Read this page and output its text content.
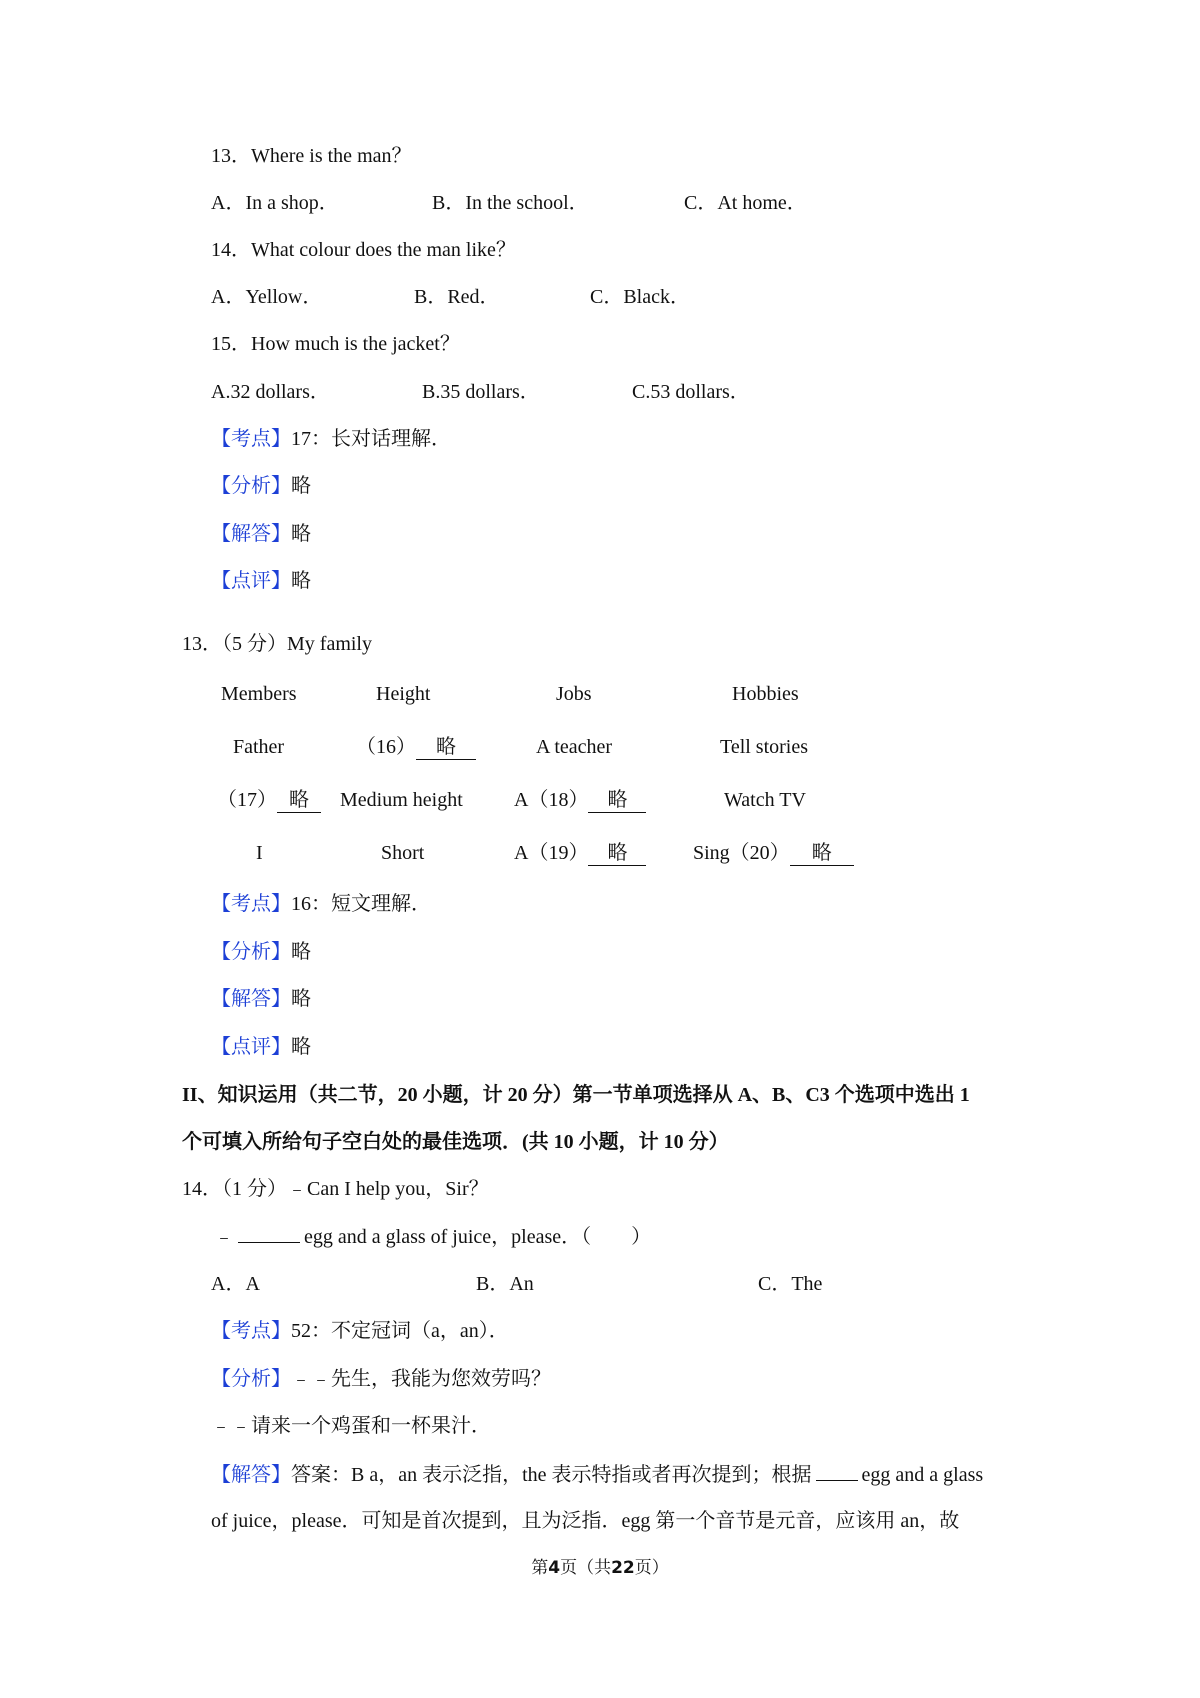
13．Where is the man？
A．In a shop．	B．In the school．	C．At home．
14．What colour does the man like？
A．Yellow．	B．Red．	C．Black．
15．How much is the jacket？
A.32 dollars．	B.35 dollars．	C.53 dollars．
【考点】17：长对话理解．
【分析】略
【解答】略
【点评】略
13．（5 分）My family
Members	Height	Jobs	Hobbies
Father	（16） 略	A teacher	Tell stories
（17） 略	Medium height	A（18） 略	Watch TV
I	Short	A（19） 略	Sing（20） 略
【考点】16：短文理解．
【分析】略
【解答】略
【点评】略
II、知识运用（共二节，20 小题，计 20 分）第一节单项选择从 A、B、C3 个选项中选出 1
个可填入所给句子空白处的最佳选项．(共 10 小题，计 10 分）
14．（1 分）﹣Can I help you，Sir？
﹣	egg and a glass of juice，please．（　　）
A．A	B．An	C．The
【考点】52：不定冠词（a，an）．
【分析】﹣﹣先生，我能为您效劳吗？
﹣﹣请来一个鸡蛋和一杯果汁．
【解答】答案：B a，an 表示泛指，the 表示特指或者再次提到；根据	egg and a glass
of juice，please．可知是首次提到，且为泛指．egg 第一个音节是元音，应该用 an，故
第4页（共22页）
